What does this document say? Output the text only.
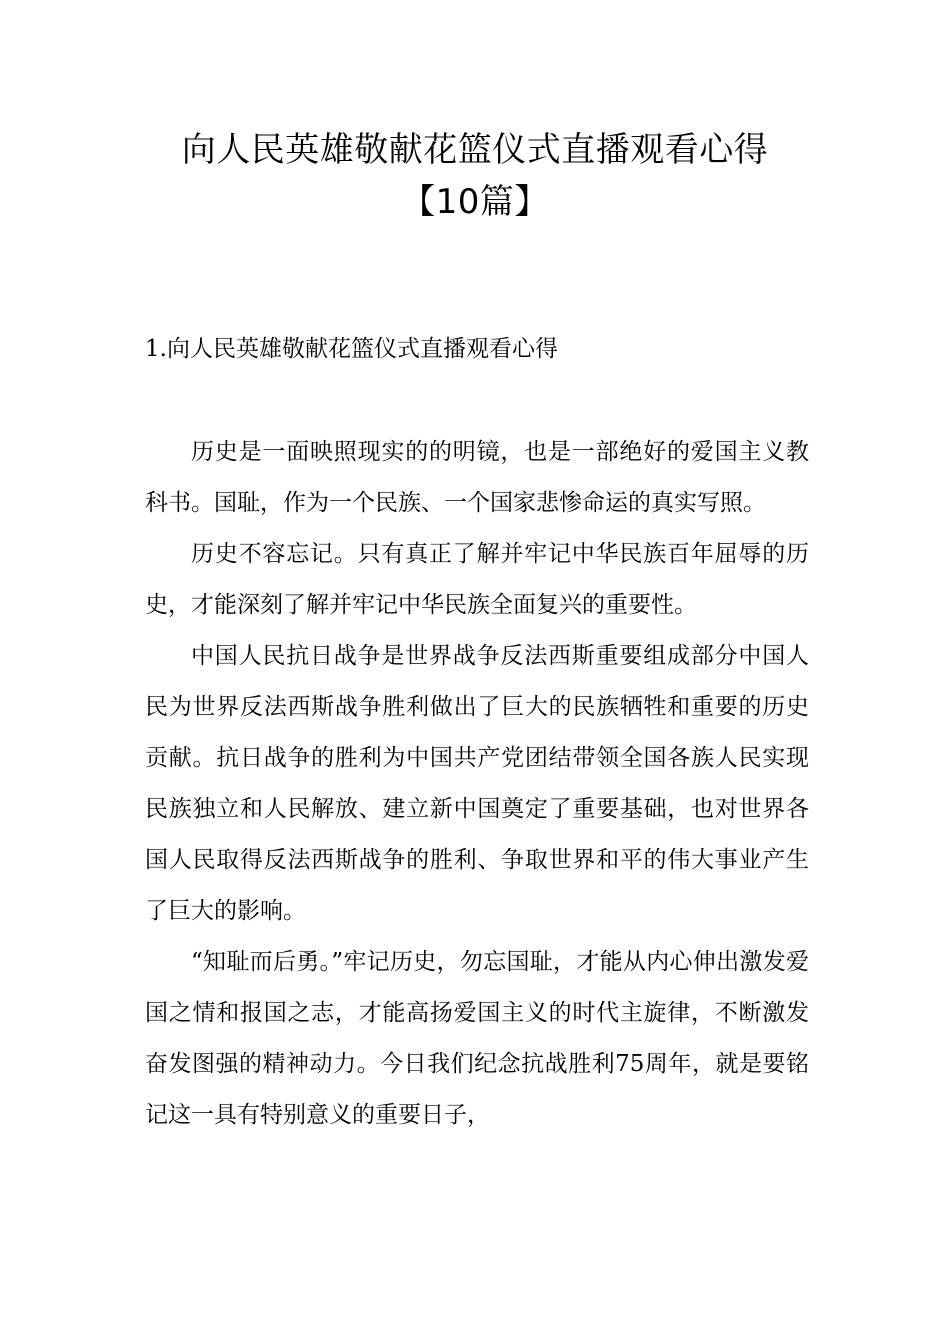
向人民英雄敬献花篮仪式直播观看心得
【10篇】
1.向人民英雄敬献花篮仪式直播观看心得

历史是一面映照现实的的明镜，也是一部绝好的爱国主义教科书。国耻，作为一个民族、一个国家悲惨命运的真实写照。

历史不容忘记。只有真正了解并牢记中华民族百年屈辱的历史，才能深刻了解并牢记中华民族全面复兴的重要性。

中国人民抗日战争是世界战争反法西斯重要组成部分中国人民为世界反法西斯战争胜利做出了巨大的民族牺牲和重要的历史贡献。抗日战争的胜利为中国共产党团结带领全国各族人民实现民族独立和人民解放、建立新中国奠定了重要基础，也对世界各国人民取得反法西斯战争的胜利、争取世界和平的伟大事业产生了巨大的影响。

“知耻而后勇。”牢记历史，勿忘国耻，才能从内心伸出激发爱国之情和报国之志，才能高扬爱国主义的时代主旋律，不断激发奋发图强的精神动力。今日我们纪念抗战胜利75周年，就是要铭记这一具有特别意义的重要日子，
